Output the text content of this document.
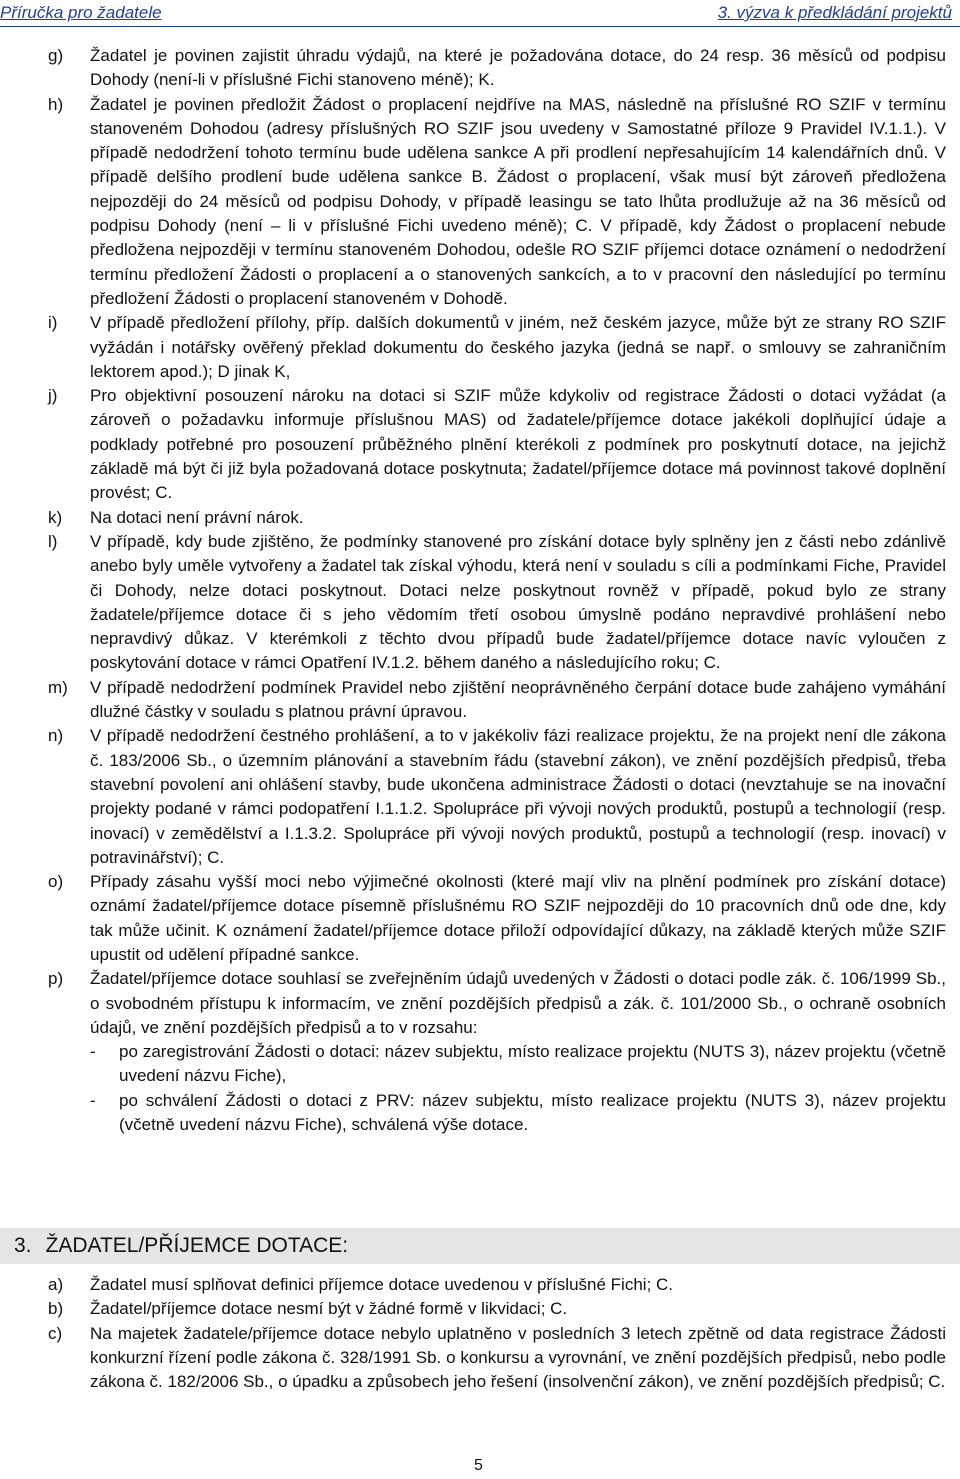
Příručka pro žadatele	3. výzva k předkládání projektů
g) Žadatel je povinen zajistit úhradu výdajů, na které je požadována dotace, do 24 resp. 36 měsíců od podpisu Dohody (není-li v příslušné Fichi stanoveno méně); K.
h) Žadatel je povinen předložit Žádost o proplacení nejdříve na MAS, následně na příslušné RO SZIF v termínu stanoveném Dohodou (adresy příslušných RO SZIF jsou uvedeny v Samostatné příloze 9 Pravidel IV.1.1.). V případě nedodržení tohoto termínu bude udělena sankce A při prodlení nepřesahujícím 14 kalendářních dnů. V případě delšího prodlení bude udělena sankce B. Žádost o proplacení, však musí být zároveň předložena nejpozději do 24 měsíců od podpisu Dohody, v případě leasingu se tato lhůta prodlužuje až na 36 měsíců od podpisu Dohody (není – li v příslušné Fichi uvedeno méně); C. V případě, kdy Žádost o proplacení nebude předložena nejpozději v termínu stanoveném Dohodou, odešle RO SZIF příjemci dotace oznámení o nedodržení termínu předložení Žádosti o proplacení a o stanovených sankcích, a to v pracovní den následující po termínu předložení Žádosti o proplacení stanoveném v Dohodě.
i) V případě předložení přílohy, příp. dalších dokumentů v jiném, než českém jazyce, může být ze strany RO SZIF vyžádán i notářsky ověřený překlad dokumentu do českého jazyka (jedná se např. o smlouvy se zahraničním lektorem apod.); D jinak K,
j) Pro objektivní posouzení nároku na dotaci si SZIF může kdykoliv od registrace Žádosti o dotaci vyžádat (a zároveň o požadavku informuje příslušnou MAS) od žadatele/příjemce dotace jakékoli doplňující údaje a podklady potřebné pro posouzení průběžného plnění kterékoli z podmínek pro poskytnutí dotace, na jejichž základě má být či již byla požadovaná dotace poskytnuta; žadatel/příjemce dotace má povinnost takové doplnění provést; C.
k) Na dotaci není právní nárok.
l) V případě, kdy bude zjištěno, že podmínky stanovené pro získání dotace byly splněny jen z části nebo zdánlivě anebo byly uměle vytvořeny a žadatel tak získal výhodu, která není v souladu s cíli a podmínkami Fiche, Pravidel či Dohody, nelze dotaci poskytnout. Dotaci nelze poskytnout rovněž v případě, pokud bylo ze strany žadatele/příjemce dotace či s jeho vědomím třetí osobou úmyslně podáno nepravdivé prohlášení nebo nepravdivý důkaz. V kterémkoli z těchto dvou případů bude žadatel/příjemce dotace navíc vyloučen z poskytování dotace v rámci Opatření IV.1.2. během daného a následujícího roku; C.
m) V případě nedodržení podmínek Pravidel nebo zjištění neoprávněného čerpání dotace bude zahájeno vymáhání dlužné částky v souladu s platnou právní úpravou.
n) V případě nedodržení čestného prohlášení, a to v jakékoliv fázi realizace projektu, že na projekt není dle zákona č. 183/2006 Sb., o územním plánování a stavebním řádu (stavební zákon), ve znění pozdějších předpisů, třeba stavební povolení ani ohlášení stavby, bude ukončena administrace Žádosti o dotaci (nevztahuje se na inovační projekty podané v rámci podopatření I.1.1.2. Spolupráce při vývoji nových produktů, postupů a technologií (resp. inovací) v zemědělství a I.1.3.2. Spolupráce při vývoji nových produktů, postupů a technologií (resp. inovací) v potravinářství); C.
o) Případy zásahu vyšší moci nebo výjimečné okolnosti (které mají vliv na plnění podmínek pro získání dotace) oznámí žadatel/příjemce dotace písemně příslušnému RO SZIF nejpozději do 10 pracovních dnů ode dne, kdy tak může učinit. K oznámení žadatel/příjemce dotace přiloží odpovídající důkazy, na základě kterých může SZIF upustit od udělení případné sankce.
p) Žadatel/příjemce dotace souhlasí se zveřejněním údajů uvedených v Žádosti o dotaci podle zák. č. 106/1999 Sb., o svobodném přístupu k informacím, ve znění pozdějších předpisů a zák. č. 101/2000 Sb., o ochraně osobních údajů, ve znění pozdějších předpisů a to v rozsahu:
- po zaregistrování Žádosti o dotaci: název subjektu, místo realizace projektu (NUTS 3), název projektu (včetně uvedení názvu Fiche),
- po schválení Žádosti o dotaci z PRV: název subjektu, místo realizace projektu (NUTS 3), název projektu (včetně uvedení názvu Fiche), schválená výše dotace.
3. ŽADATEL/PŘÍJEMCE DOTACE:
a) Žadatel musí splňovat definici příjemce dotace uvedenou v příslušné Fichi; C.
b) Žadatel/příjemce dotace nesmí být v žádné formě v likvidaci; C.
c) Na majetek žadatele/příjemce dotace nebylo uplatněno v posledních 3 letech zpětně od data registrace Žádosti konkurzní řízení podle zákona č. 328/1991 Sb. o konkursu a vyrovnání, ve znění pozdějších předpisů, nebo podle zákona č. 182/2006 Sb., o úpadku a způsobech jeho řešení (insolvenční zákon), ve znění pozdějších předpisů; C.
5
